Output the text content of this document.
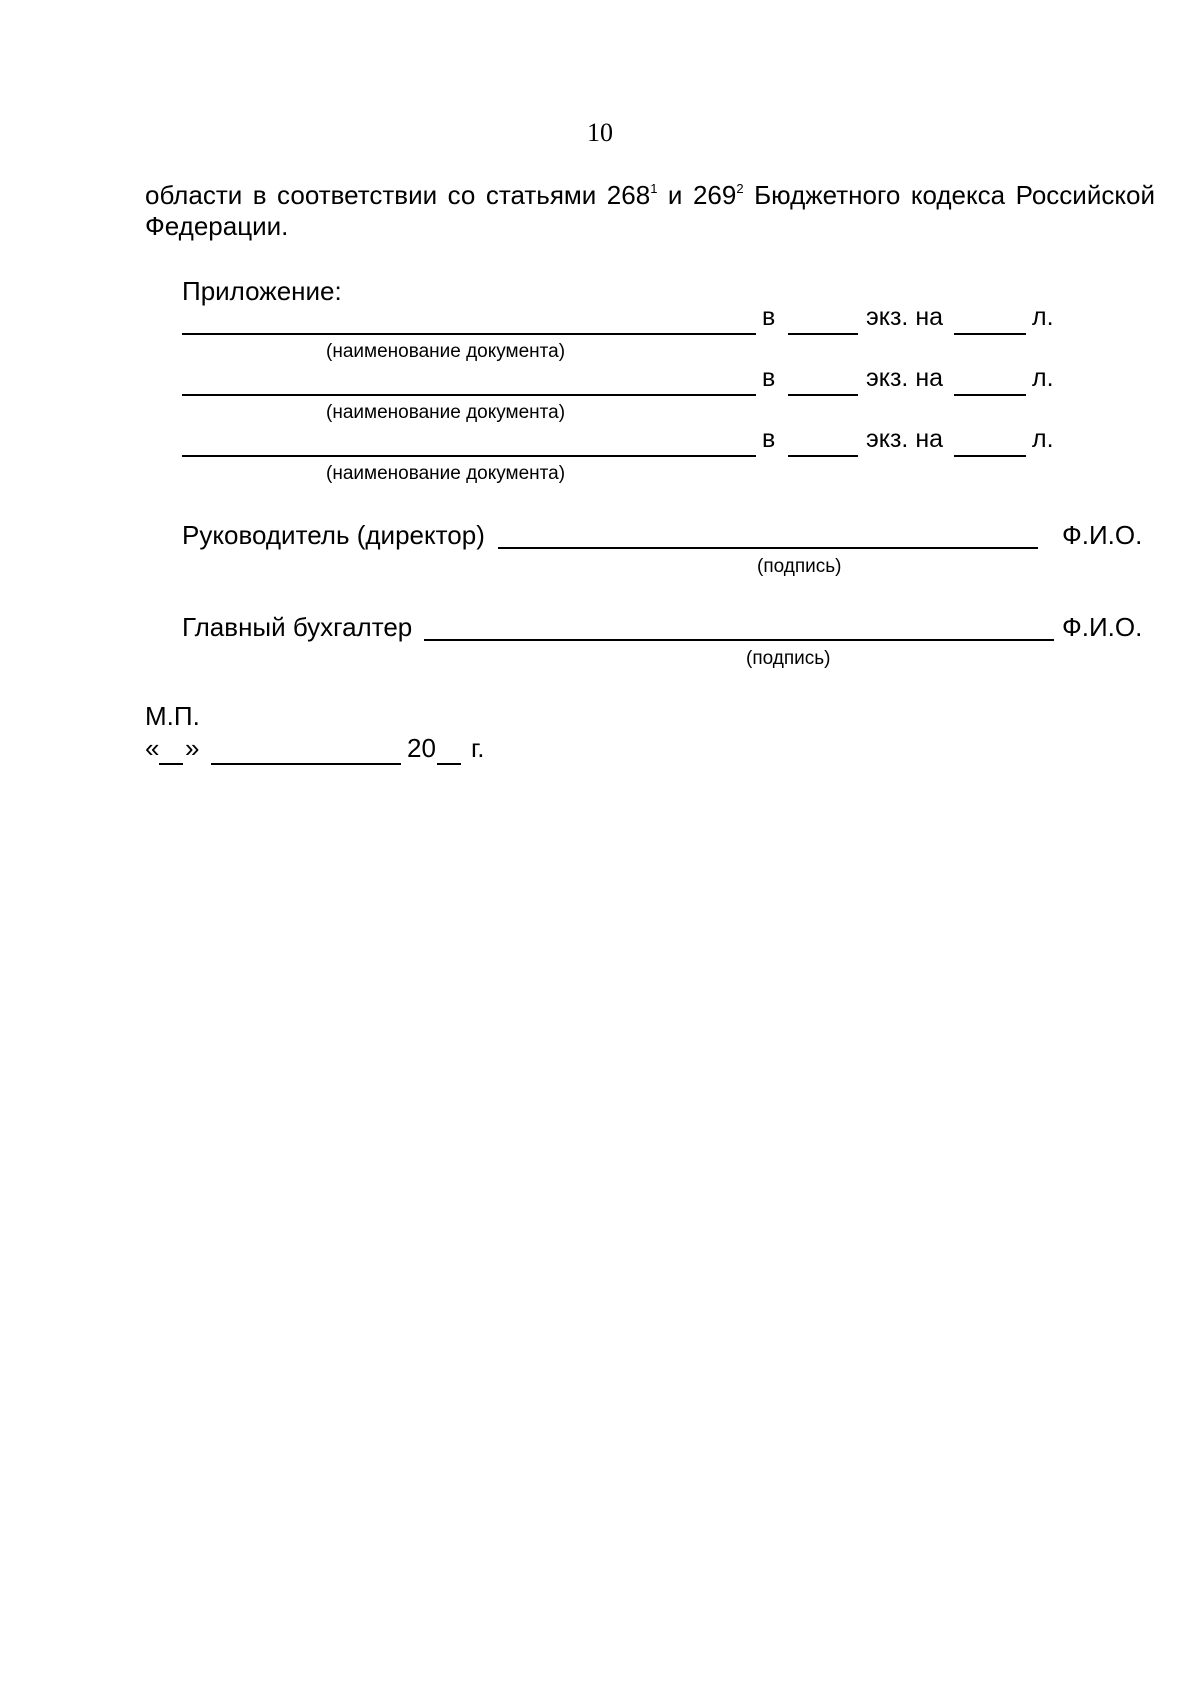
10
области в соответствии со статьями $268^1$ и $269^2$ Бюджетного кодекса Российской Федерации.
Приложение:
в	экз. на	л.
(наименование документа)
в	экз. на	л.
(наименование документа)
в	экз. на	л.
(наименование документа)
Руководитель (директор)	Ф.И.О.
(подпись)
Главный бухгалтер	Ф.И.О.
(подпись)
М.П.
« »	20 г.
